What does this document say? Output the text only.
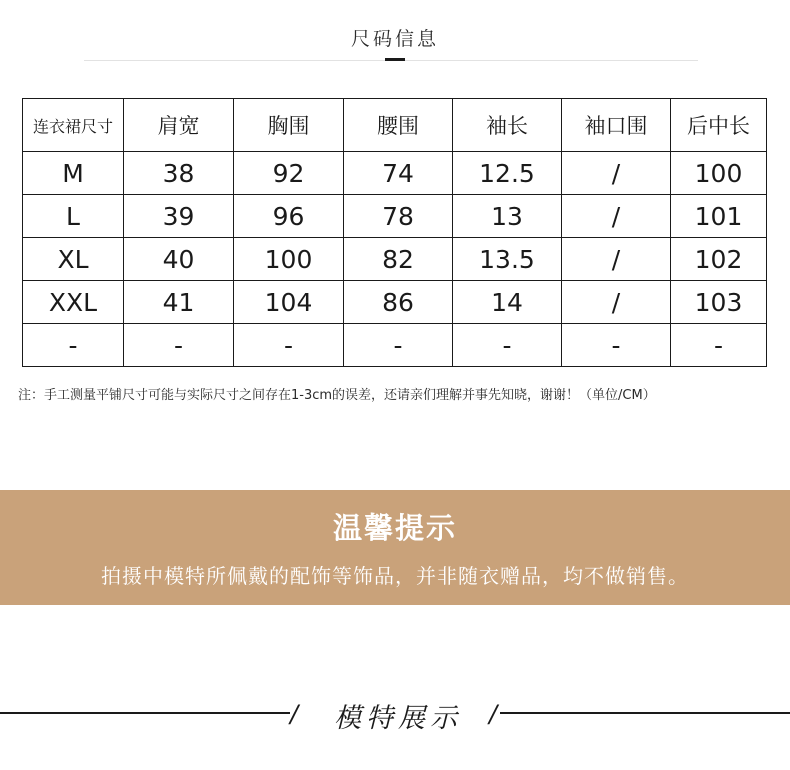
尺码信息
连衣裙尺寸	肩宽	胸围	腰围	袖长	袖口围	后中长
M	38	92	74	12.5	/	100
L	39	96	78	13	/	101
XL	40	100	82	13.5	/	102
XXL	41	104	86	14	/	103
-	-	-	-	-	-	-
注：手工测量平铺尺寸可能与实际尺寸之间存在1-3cm的误差，还请亲们理解并事先知晓，谢谢！（单位/CM）
温馨提示
拍摄中模特所佩戴的配饰等饰品，并非随衣赠品，均不做销售。
/	模特展示	/
